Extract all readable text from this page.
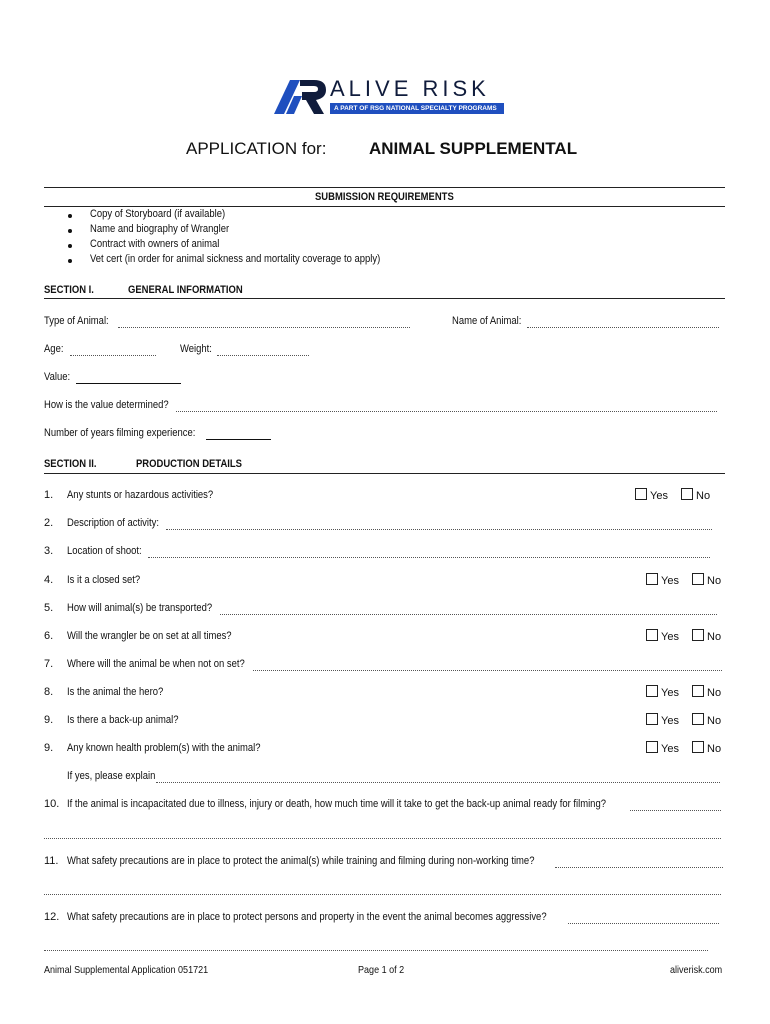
ALIVE RISK
A PART OF RSG NATIONAL SPECIALTY PROGRAMS
APPLICATION for:	ANIMAL SUPPLEMENTAL
SUBMISSION REQUIREMENTS
Copy of Storyboard (if available)
Name and biography of Wrangler
Contract with owners of animal
Vet cert (in order for animal sickness and mortality coverage to apply)
SECTION I.	GENERAL INFORMATION
Type of Animal:	Name of Animal:
Age:	Weight:
Value:
How is the value determined?
Number of years filming experience:
SECTION II.	PRODUCTION DETAILS
1. Any stunts or hazardous activities?	Yes	No
2. Description of activity:
3. Location of shoot:
4. Is it a closed set?	Yes	No
5. How will animal(s) be transported?
6. Will the wrangler be on set at all times?	Yes	No
7. Where will the animal be when not on set?
8. Is the animal the hero?	Yes	No
9. Is there a back-up animal?	Yes	No
9. Any known health problem(s) with the animal?	Yes	No
If yes, please explain
10. If the animal is incapacitated due to illness, injury or death, how much time will it take to get the back-up animal ready for filming?
11. What safety precautions are in place to protect the animal(s) while training and filming during non-working time?
12. What safety precautions are in place to protect persons and property in the event the animal becomes aggressive?
Animal Supplemental Application 051721	Page 1 of 2	aliverisk.com
